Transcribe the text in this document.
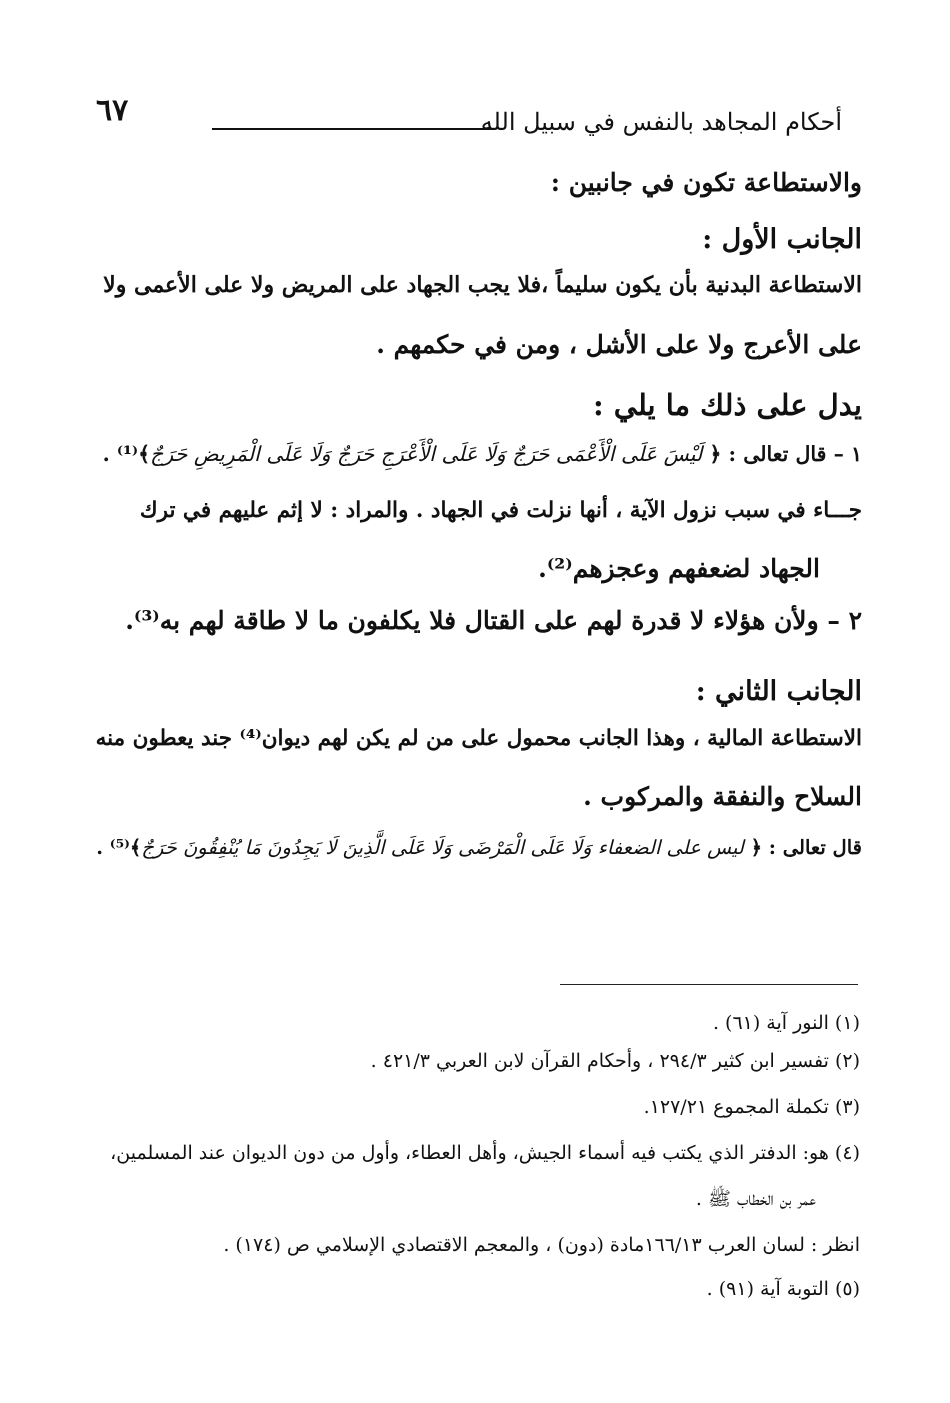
٦٧	أحكام المجاهد بالنفس في سبيل الله

والاستطاعة تكون في جانبين :

الجانب الأول :

الاستطاعة البدنية بأن يكون سليماً ،فلا يجب الجهاد على المريض ولا على الأعمى ولا

على الأعرج ولا على الأشل ، ومن في حكمهم .

يدل على ذلك ما يلي :

١ – قال تعالى : ﴿ لَيْسَ عَلَى الْأَعْمَى حَرَجٌ وَلَا عَلَى الْأَعْرَجِ حَرَجٌ وَلَا عَلَى الْمَرِيضِ حَرَجٌ﴾⁽¹⁾ .

جـــاء في سبب نزول الآية ، أنها نزلت في الجهاد . والمراد : لا إثم عليهم في ترك

الجهاد لضعفهم وعجزهم⁽²⁾.

٢ – ولأن هؤلاء لا قدرة لهم على القتال فلا يكلفون ما لا طاقة لهم به⁽³⁾.

الجانب الثاني :

الاستطاعة المالية ، وهذا الجانب محمول على من لم يكن لهم ديوان⁽⁴⁾ جند يعطون منه

السلاح والنفقة والمركوب .

قال تعالى : ﴿ ليس على الضعفاء وَلَا عَلَى الْمَرْضَى وَلَا عَلَى الَّذِينَ لَا يَجِدُونَ مَا يُنْفِقُونَ حَرَجٌ﴾⁽⁵⁾ .

(١) النور آية (٦١) .

(٢) تفسير ابن كثير ٢٩٤/٣ ، وأحكام القرآن لابن العربي ٤٢١/٣ .

(٣) تكملة المجموع ١٢٧/٢١.

(٤) هو: الدفتر الذي يكتب فيه أسماء الجيش، وأهل العطاء، وأول من دون الديوان عند المسلمين،

عمر بن الخطاب ﷺ .

انظر : لسان العرب ١٦٦/١٣مادة (دون) ، والمعجم الاقتصادي الإسلامي ص (١٧٤) .

(٥) التوبة آية (٩١) .
